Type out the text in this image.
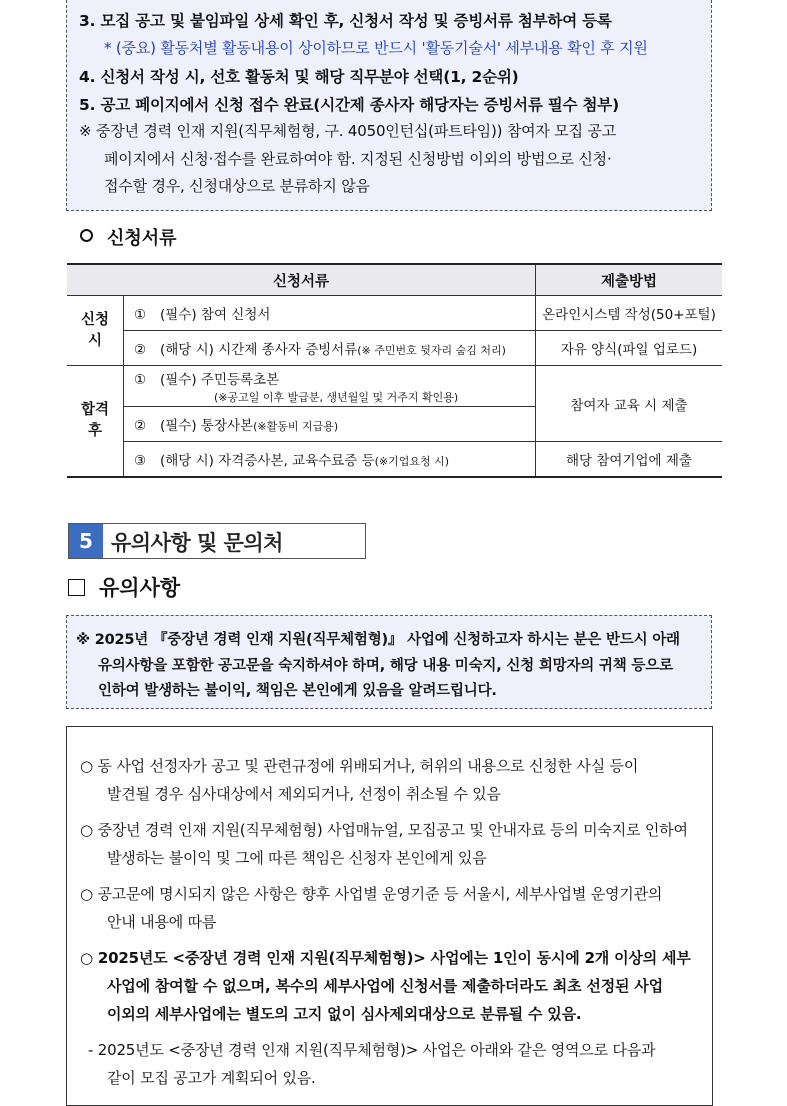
3. 모집 공고 및 붙임파일 상세 확인 후, 신청서 작성 및 증빙서류 첨부하여 등록
* (중요) 활동처별 활동내용이 상이하므로 반드시 '활동기술서' 세부내용 확인 후 지원
4. 신청서 작성 시, 선호 활동처 및 해당 직무분야 선택(1, 2순위)
5. 공고 페이지에서 신청 접수 완료(시간제 종사자 해당자는 증빙서류 필수 첨부)
※ 중장년 경력 인재 지원(직무체험형, 구. 4050인턴십(파트타임)) 참여자 모집 공고
페이지에서 신청·접수를 완료하여야 함. 지정된 신청방법 이외의 방법으로 신청·
접수할 경우, 신청대상으로 분류하지 않음
신청서류
신청서류		제출방법
신청시	① (필수) 참여 신청서	온라인시스템 작성(50+포털)
	② (해당 시) 시간제 종사자 증빙서류(※ 주민번호 뒷자리 숨김 처리)	자유 양식(파일 업로드)
합격후	① (필수) 주민등록초본
(※공고일 이후 발급분, 생년월일 및 거주지 확인용)	참여자 교육 시 제출
	② (필수) 통장사본(※활동비 지급용)	
	③ (해당 시) 자격증사본, 교육수료증 등(※기업요청 시)	해당 참여기업에 제출
5 유의사항 및 문의처
유의사항
※ 2025년 『중장년 경력 인재 지원(직무체험형)』 사업에 신청하고자 하시는 분은 반드시 아래
유의사항을 포함한 공고문을 숙지하셔야 하며, 해당 내용 미숙지, 신청 희망자의 귀책 등으로
인하여 발생하는 불이익, 책임은 본인에게 있음을 알려드립니다.
○ 동 사업 선정자가 공고 및 관련규정에 위배되거나, 허위의 내용으로 신청한 사실 등이
발견될 경우 심사대상에서 제외되거나, 선정이 취소될 수 있음
○ 중장년 경력 인재 지원(직무체험형) 사업매뉴얼, 모집공고 및 안내자료 등의 미숙지로 인하여
발생하는 불이익 및 그에 따른 책임은 신청자 본인에게 있음
○ 공고문에 명시되지 않은 사항은 향후 사업별 운영기준 등 서울시, 세부사업별 운영기관의
안내 내용에 따름
○ 2025년도 <중장년 경력 인재 지원(직무체험형)> 사업에는 1인이 동시에 2개 이상의 세부
사업에 참여할 수 없으며, 복수의 세부사업에 신청서를 제출하더라도 최초 선정된 사업
이외의 세부사업에는 별도의 고지 없이 심사제외대상으로 분류될 수 있음.
- 2025년도 <중장년 경력 인재 지원(직무체험형)> 사업은 아래와 같은 영역으로 다음과
같이 모집 공고가 계획되어 있음.
